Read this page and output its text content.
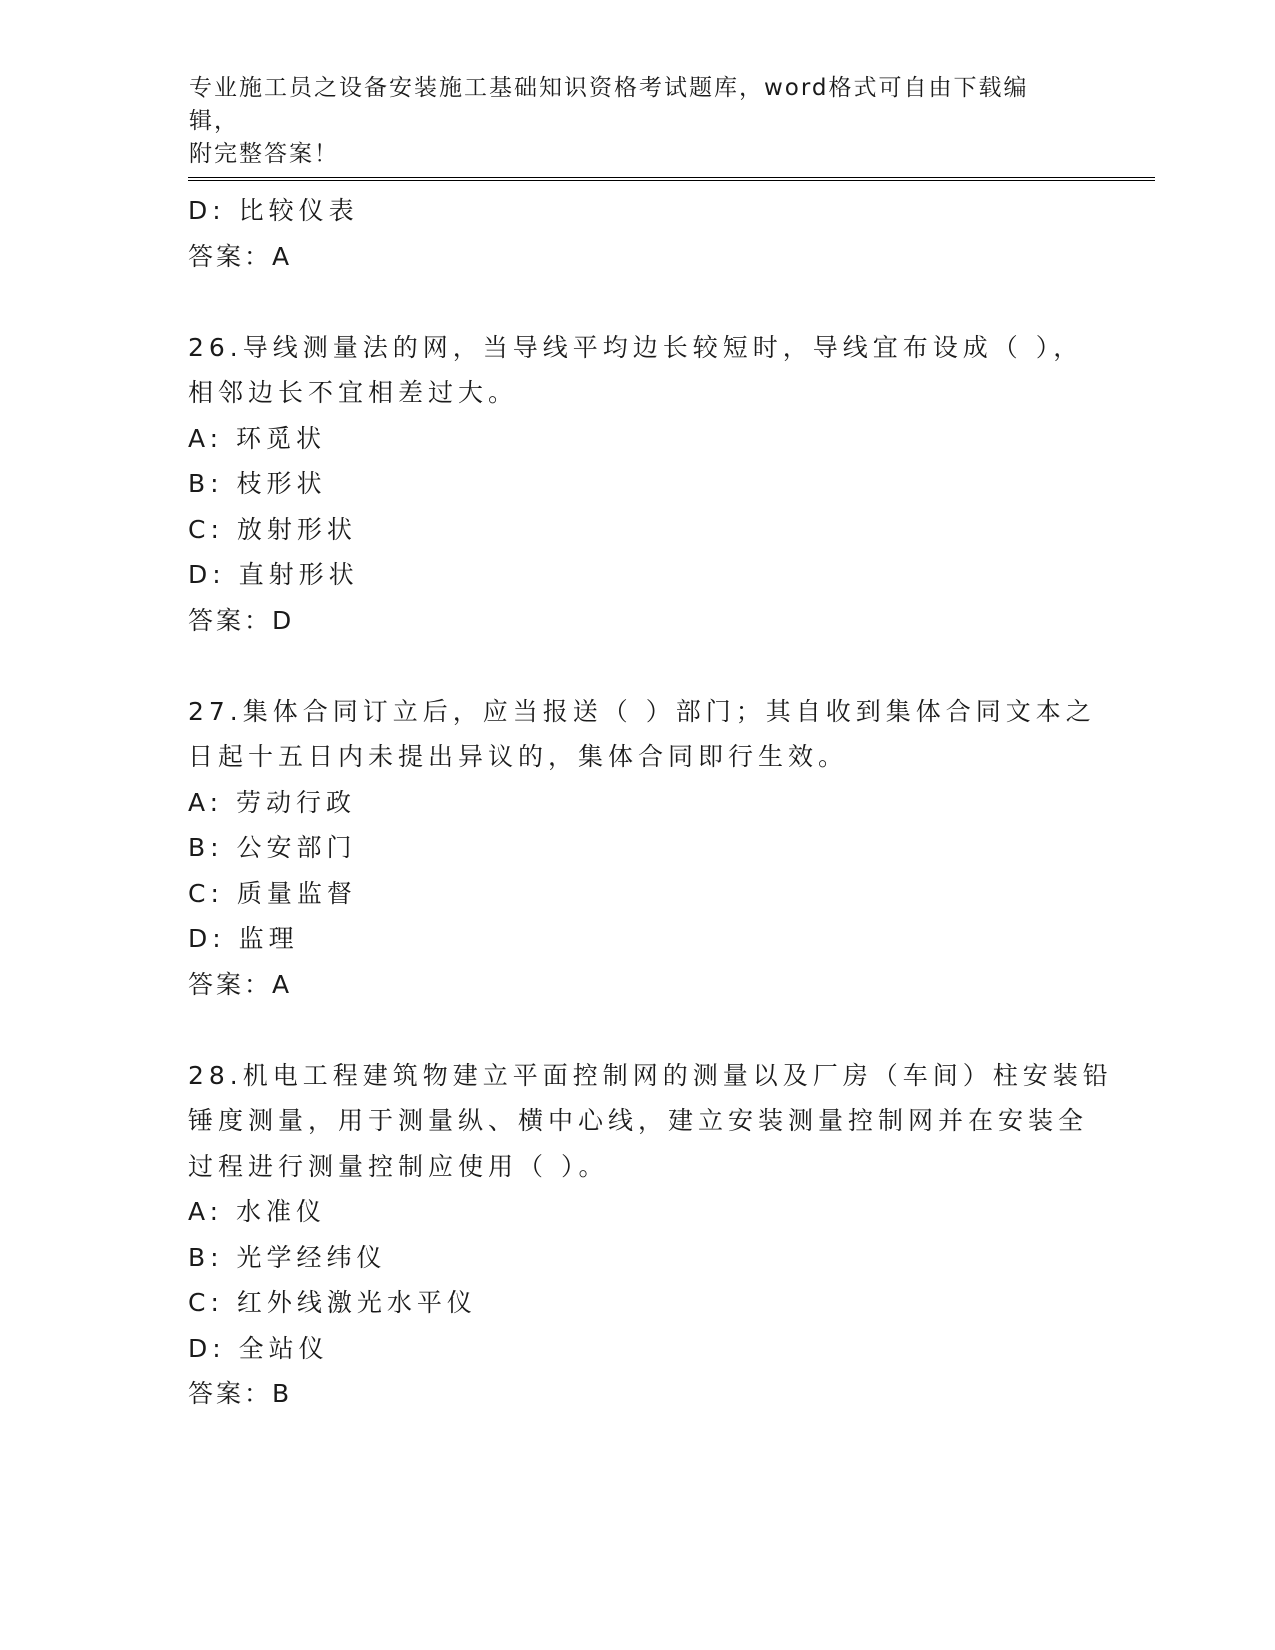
专业施工员之设备安装施工基础知识资格考试题库，word格式可自由下载编辑，
附完整答案！
D: 比较仪表
答案：A
26.导线测量法的网，当导线平均边长较短时，导线宜布设成（ ），
相邻边长不宜相差过大。
A: 环觅状
B: 枝形状
C: 放射形状
D: 直射形状
答案：D
27.集体合同订立后，应当报送（ ）部门；其自收到集体合同文本之
日起十五日内未提出异议的，集体合同即行生效。
A: 劳动行政
B: 公安部门
C: 质量监督
D: 监理
答案：A
28.机电工程建筑物建立平面控制网的测量以及厂房（车间）柱安装铅
锤度测量，用于测量纵、横中心线，建立安装测量控制网并在安装全
过程进行测量控制应使用（ ）。
A: 水准仪
B: 光学经纬仪
C: 红外线激光水平仪
D: 全站仪
答案：B
